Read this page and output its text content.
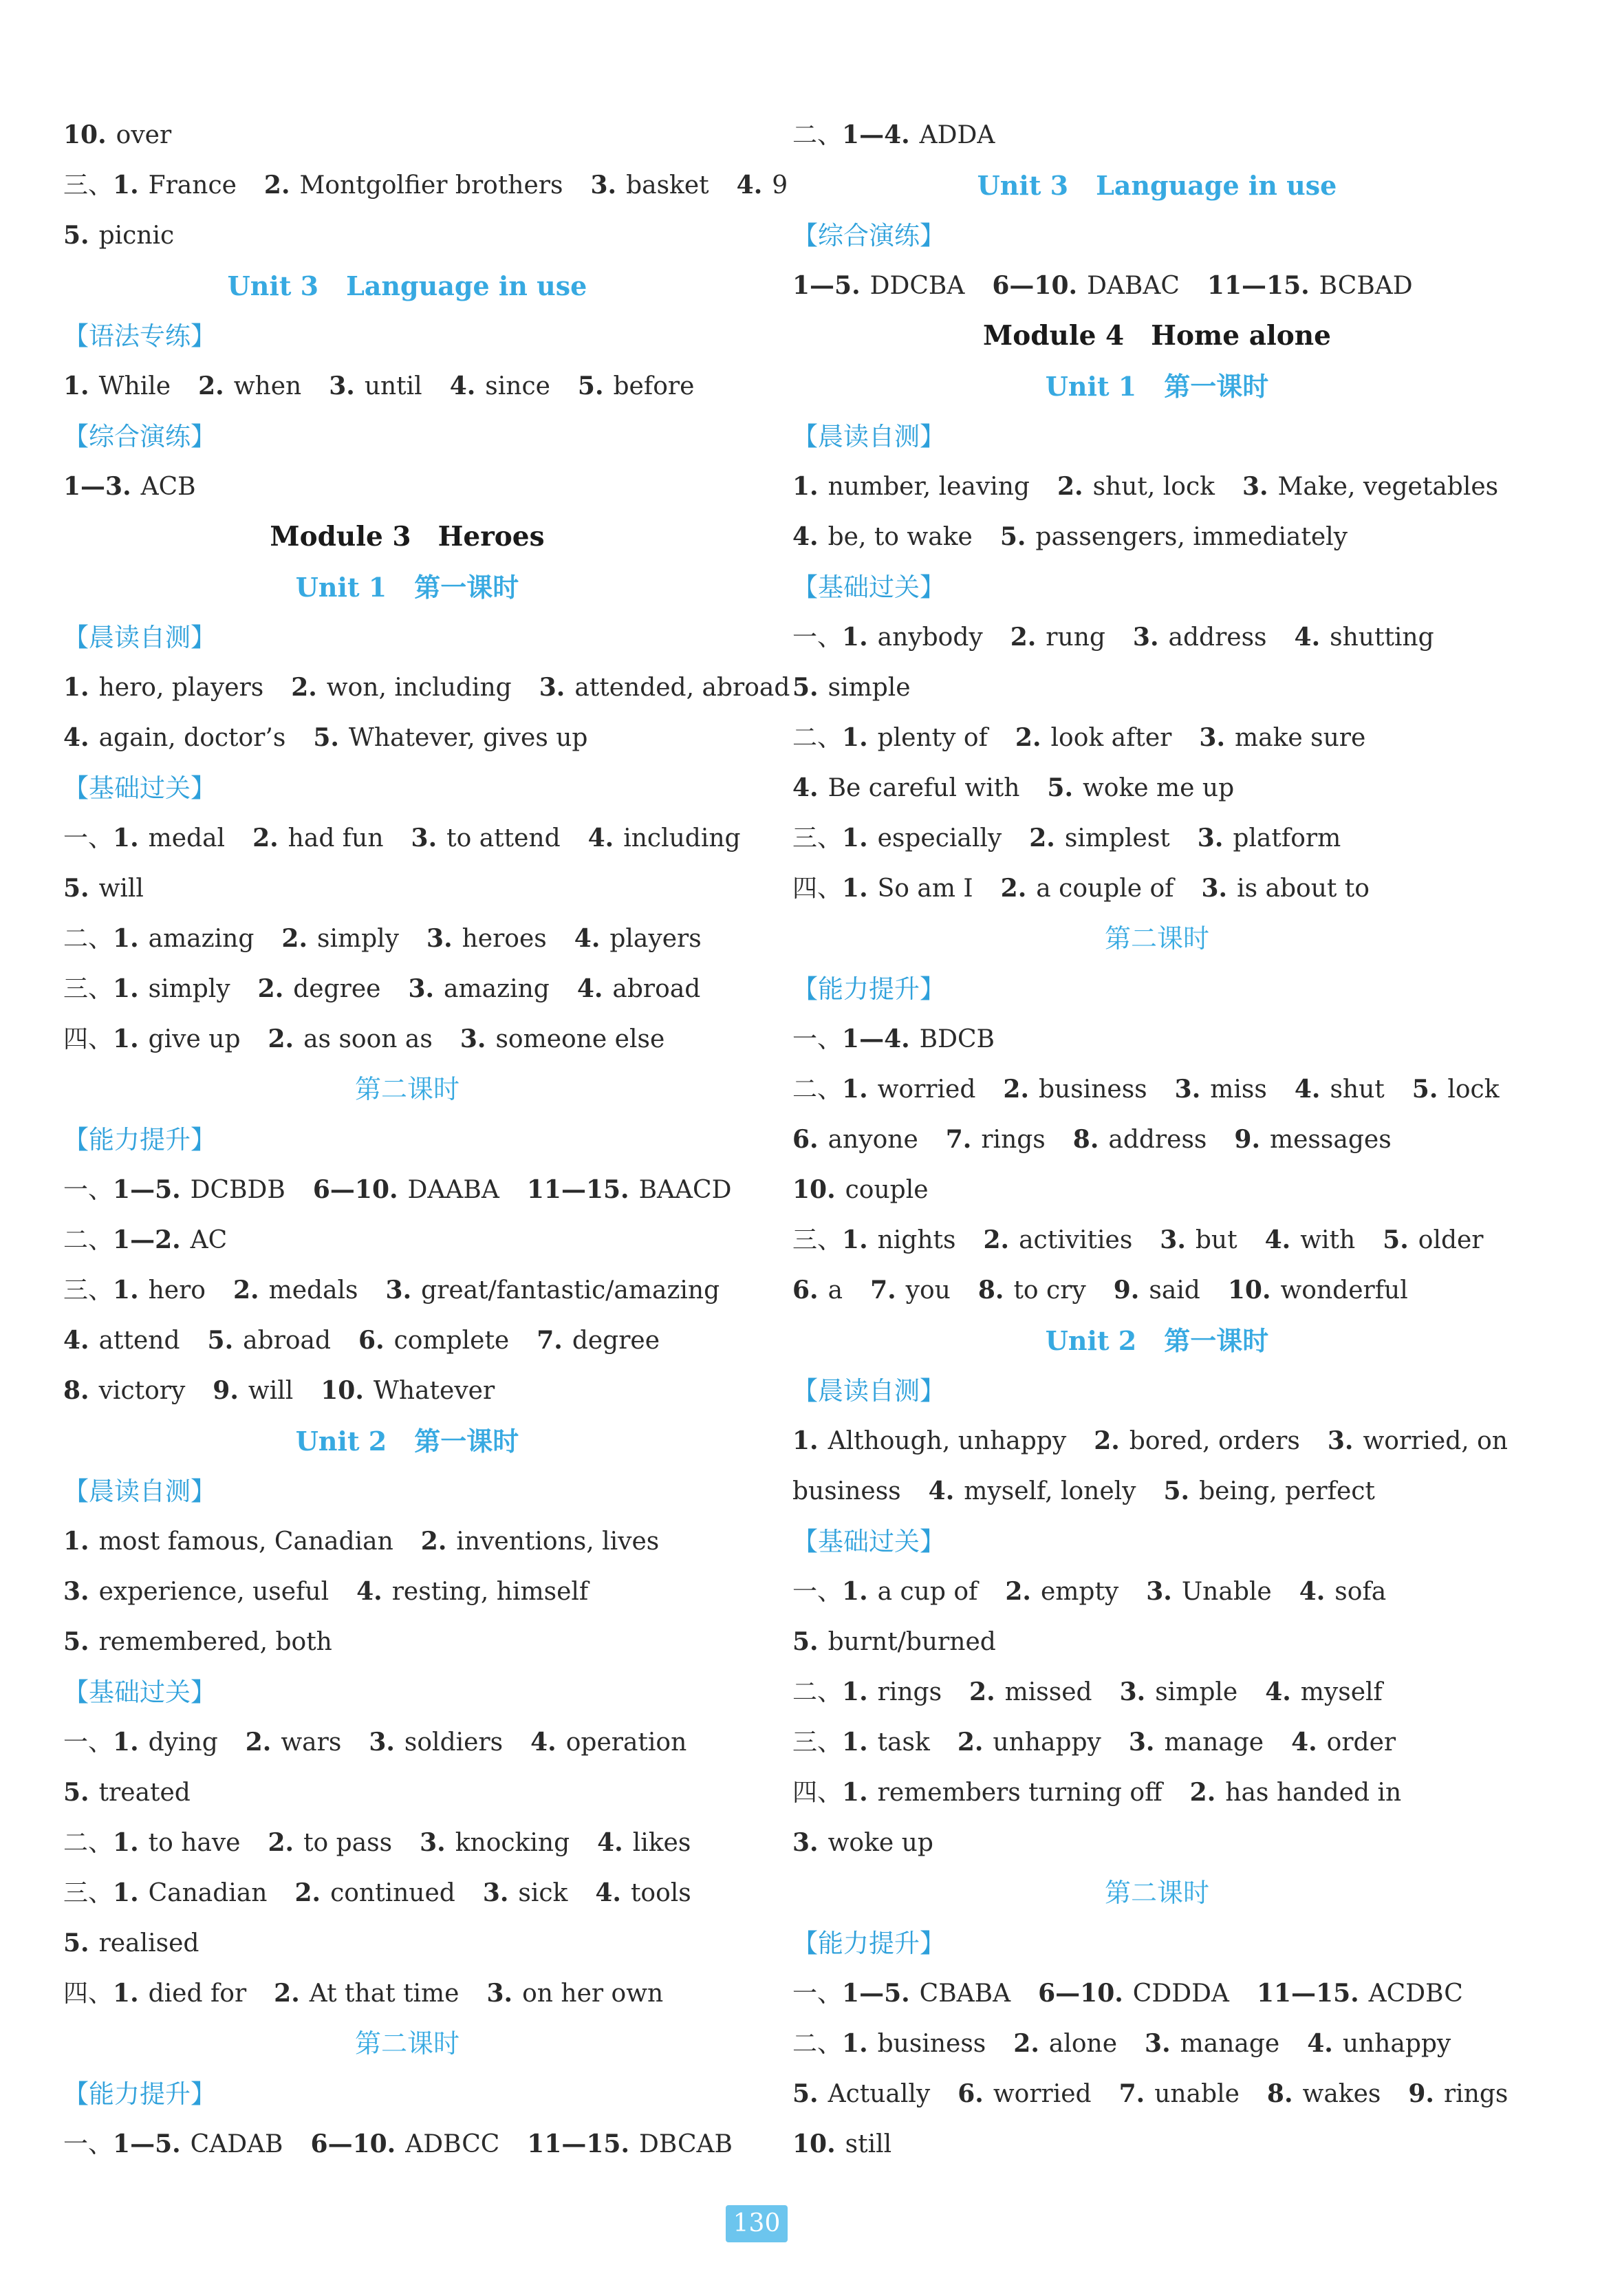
10. over
三、1. France 2. Montgolfier brothers 3. basket 4. 9
5. picnic
Unit 3 Language in use
【语法专练】
1. While 2. when 3. until 4. since 5. before
【综合演练】
1—3. ACB
Module 3　Heroes
Unit 1 第一课时
【晨读自测】
1. hero, players 2. won, including 3. attended, abroad
4. again, doctor’s 5. Whatever, gives up
【基础过关】
一、1. medal 2. had fun 3. to attend 4. including
5. will
二、1. amazing 2. simply 3. heroes 4. players
三、1. simply 2. degree 3. amazing 4. abroad
四、1. give up 2. as soon as 3. someone else
第二课时
【能力提升】
一、1—5. DCBDB 6—10. DAABA 11—15. BAACD
二、1—2. AC
三、1. hero 2. medals 3. great/fantastic/amazing
4. attend 5. abroad 6. complete 7. degree
8. victory 9. will 10. Whatever
Unit 2 第一课时
【晨读自测】
1. most famous, Canadian 2. inventions, lives
3. experience, useful 4. resting, himself
5. remembered, both
【基础过关】
一、1. dying 2. wars 3. soldiers 4. operation
5. treated
二、1. to have 2. to pass 3. knocking 4. likes
三、1. Canadian 2. continued 3. sick 4. tools
5. realised
四、1. died for 2. At that time 3. on her own
第二课时
【能力提升】
一、1—5. CADAB 6—10. ADBCC 11—15. DBCAB
二、1—4. ADDA
Unit 3 Language in use
【综合演练】
1—5. DDCBA 6—10. DABAC 11—15. BCBAD
Module 4　Home alone
Unit 1 第一课时
【晨读自测】
1. number, leaving 2. shut, lock 3. Make, vegetables
4. be, to wake 5. passengers, immediately
【基础过关】
一、1. anybody 2. rung 3. address 4. shutting
5. simple
二、1. plenty of 2. look after 3. make sure
4. Be careful with 5. woke me up
三、1. especially 2. simplest 3. platform
四、1. So am I 2. a couple of 3. is about to
第二课时
【能力提升】
一、1—4. BDCB
二、1. worried 2. business 3. miss 4. shut 5. lock
6. anyone 7. rings 8. address 9. messages
10. couple
三、1. nights 2. activities 3. but 4. with 5. older
6. a 7. you 8. to cry 9. said 10. wonderful
Unit 2 第一课时
【晨读自测】
1. Although, unhappy 2. bored, orders 3. worried, on
business 4. myself, lonely 5. being, perfect
【基础过关】
一、1. a cup of 2. empty 3. Unable 4. sofa
5. burnt/burned
二、1. rings 2. missed 3. simple 4. myself
三、1. task 2. unhappy 3. manage 4. order
四、1. remembers turning off 2. has handed in
3. woke up
第二课时
【能力提升】
一、1—5. CBABA 6—10. CDDDA 11—15. ACDBC
二、1. business 2. alone 3. manage 4. unhappy
5. Actually 6. worried 7. unable 8. wakes 9. rings
10. still
130
